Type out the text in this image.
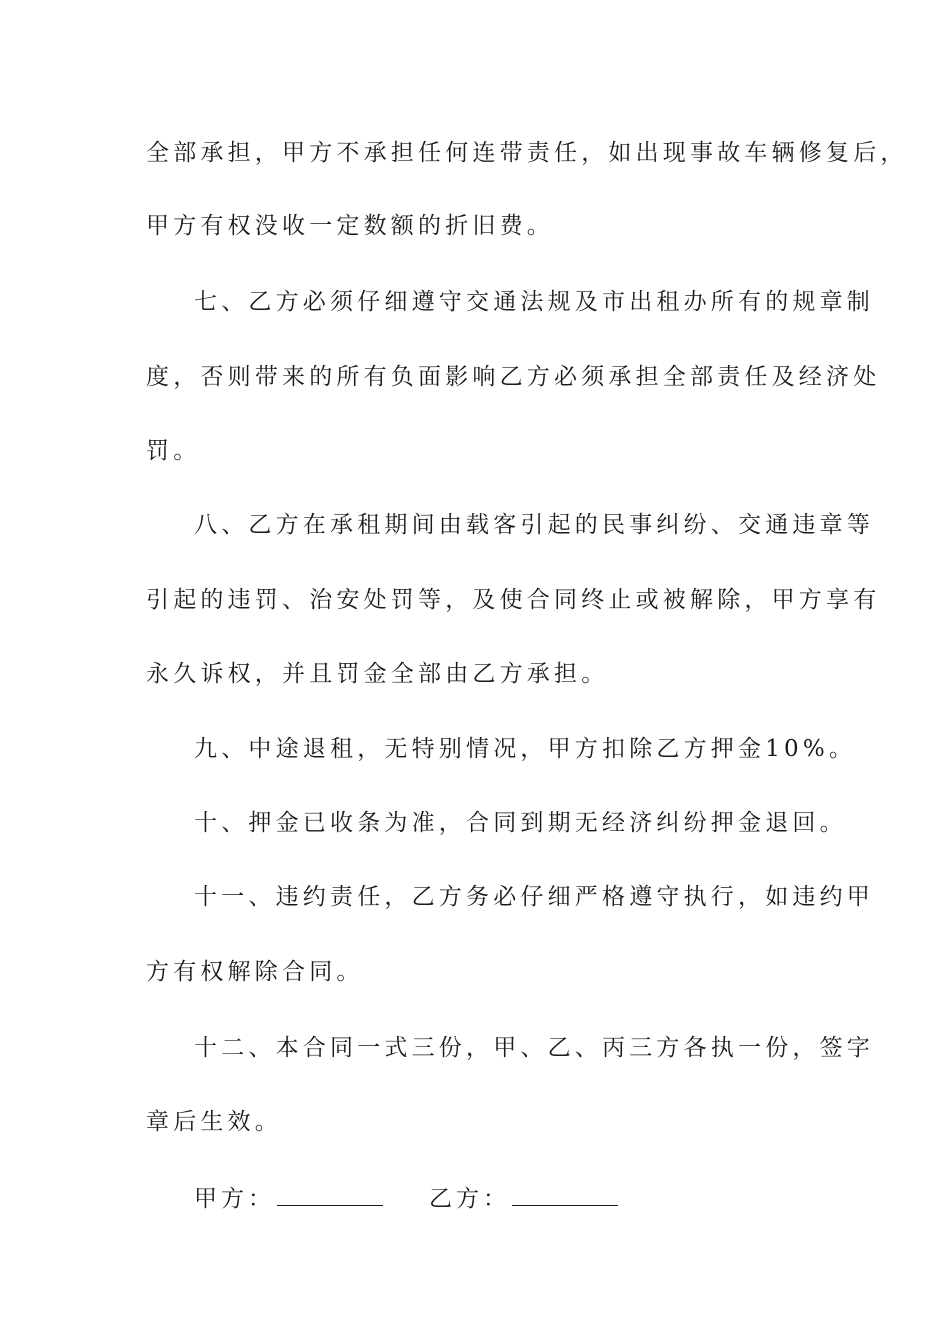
全部承担，甲方不承担任何连带责任，如出现事故车辆修复后，
甲方有权没收一定数额的折旧费。
七、乙方必须仔细遵守交通法规及市出租办所有的规章制
度，否则带来的所有负面影响乙方必须承担全部责任及经济处
罚。
八、乙方在承租期间由载客引起的民事纠纷、交通违章等
引起的违罚、治安处罚等，及使合同终止或被解除，甲方享有
永久诉权，并且罚金全部由乙方承担。
九、中途退租，无特别情况，甲方扣除乙方押金10%。
十、押金已收条为准，合同到期无经济纠纷押金退回。
十一、违约责任，乙方务必仔细严格遵守执行，如违约甲
方有权解除合同。
十二、本合同一式三份，甲、乙、丙三方各执一份，签字
章后生效。
甲方：	乙方：
